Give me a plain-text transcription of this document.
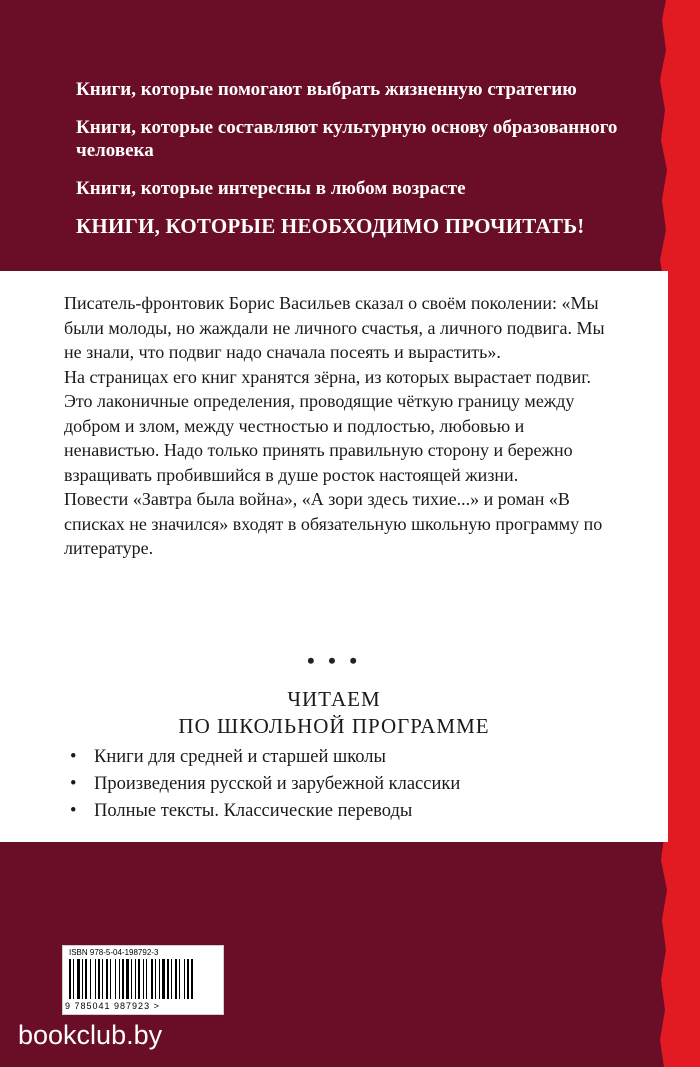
Книги, которые помогают выбрать жизненную стратегию

Книги, которые составляют культурную основу образованного человека

Книги, которые интересны в любом возрасте

КНИГИ, КОТОРЫЕ НЕОБХОДИМО ПРОЧИТАТЬ!

Писатель-фронтовик Борис Васильев сказал о своём поколении: «Мы были молоды, но жаждали не личного счастья, а личного подвига. Мы не знали, что подвиг надо сначала посеять и вырастить».

На страницах его книг хранятся зёрна, из которых вырастает подвиг. Это лаконичные определения, проводящие чёткую границу между добром и злом, между честностью и подлостью, любовью и ненавистью. Надо только принять правильную сторону и бережно взращивать пробившийся в душе росток настоящей жизни.

Повести «Завтра была война», «А зори здесь тихие...» и роман «В списках не значился» входят в обязательную школьную программу по литературе.

• • •
ЧИТАЕМ
ПО ШКОЛЬНОЙ ПРОГРАММЕ
• Книги для средней и старшей школы
• Произведения русской и зарубежной классики
• Полные тексты. Классические переводы
ISBN 978-5-04-198792-3
9 785041 987923 >
bookclub.by
